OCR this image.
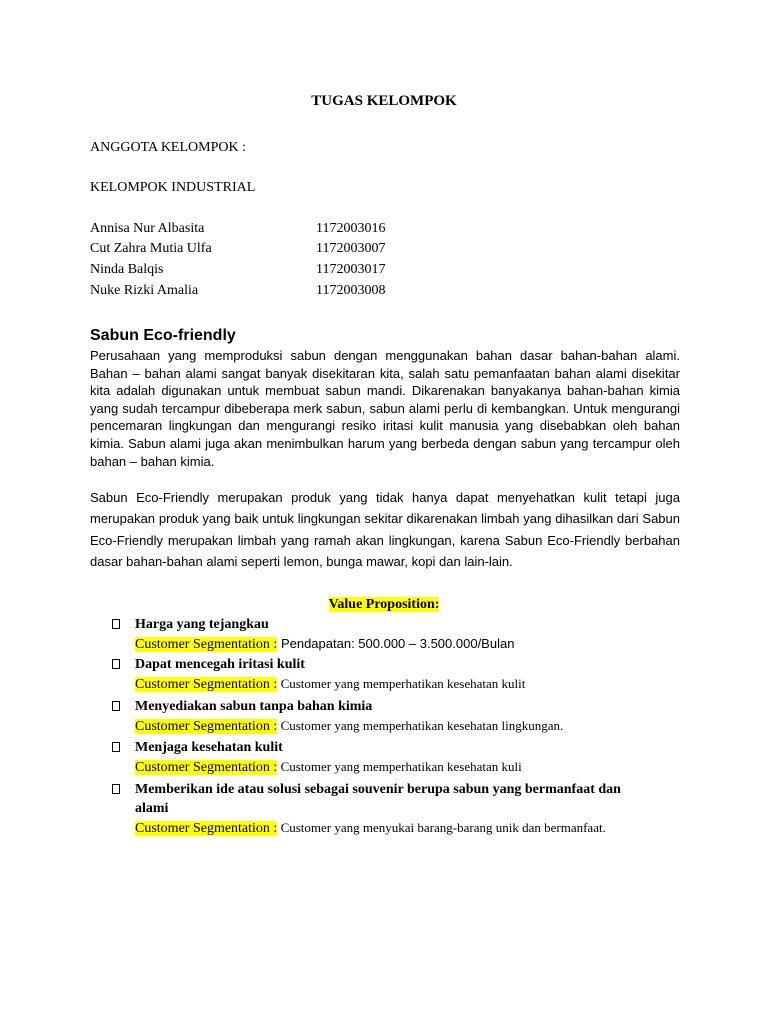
TUGAS KELOMPOK
ANGGOTA KELOMPOK :
KELOMPOK INDUSTRIAL
Annisa Nur Albasita	1172003016
Cut Zahra Mutia Ulfa	1172003007
Ninda Balqis	1172003017
Nuke Rizki Amalia	1172003008
Sabun Eco-friendly
Perusahaan yang memproduksi sabun dengan menggunakan bahan dasar bahan-bahan alami. Bahan – bahan alami sangat banyak disekitaran kita, salah satu pemanfaatan bahan alami disekitar kita adalah digunakan untuk membuat sabun mandi. Dikarenakan banyakanya bahan-bahan kimia yang sudah tercampur dibeberapa merk sabun, sabun alami perlu di kembangkan. Untuk mengurangi pencemaran lingkungan dan mengurangi resiko iritasi kulit manusia yang disebabkan oleh bahan kimia. Sabun alami juga akan menimbulkan harum yang berbeda dengan sabun yang tercampur oleh bahan – bahan kimia.
Sabun Eco-Friendly merupakan produk yang tidak hanya dapat menyehatkan kulit tetapi juga merupakan produk yang baik untuk lingkungan sekitar dikarenakan limbah yang dihasilkan dari Sabun Eco-Friendly merupakan limbah yang ramah akan lingkungan, karena Sabun Eco-Friendly berbahan dasar bahan-bahan alami seperti lemon, bunga mawar, kopi dan lain-lain.
Value Proposition:
Harga yang tejangkau
Customer Segmentation : Pendapatan: 500.000 – 3.500.000/Bulan
Dapat mencegah iritasi kulit
Customer Segmentation : Customer yang memperhatikan kesehatan kulit
Menyediakan sabun tanpa bahan kimia
Customer Segmentation : Customer yang memperhatikan kesehatan lingkungan.
Menjaga kesehatan kulit
Customer Segmentation : Customer yang memperhatikan kesehatan kuli
Memberikan ide atau solusi sebagai souvenir berupa sabun yang bermanfaat dan alami
Customer Segmentation : Customer yang menyukai barang-barang unik dan bermanfaat.
